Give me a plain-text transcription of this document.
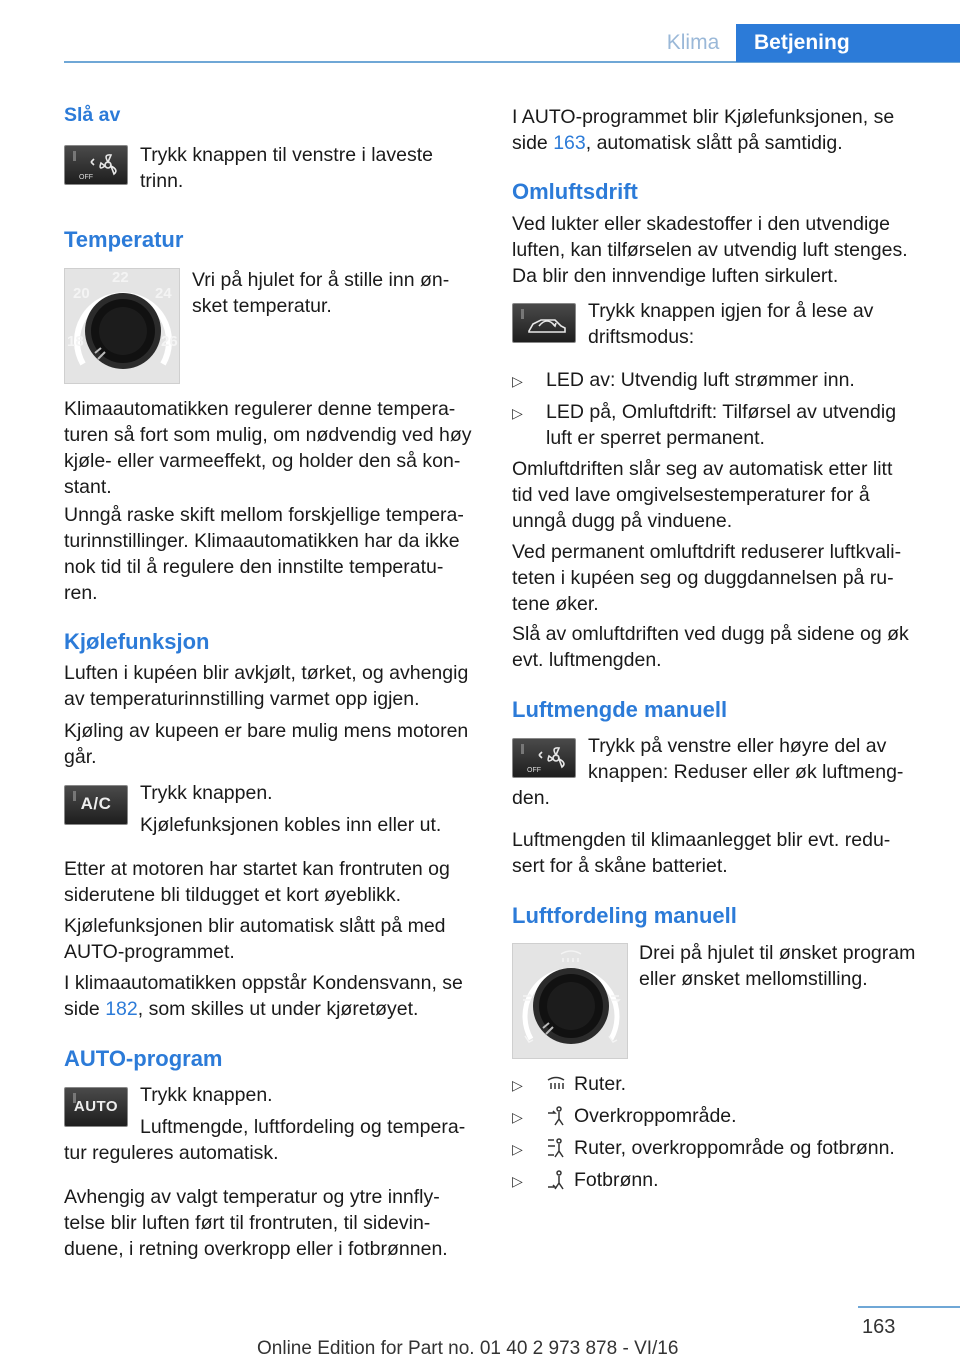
Klima	Betjening
Slå av
OFF

Trykk knappen til venstre i laveste

trinn.

Temperatur
22
20	24
18	26

Vri på hjulet for å stille inn øn-

sket temperatur.

Klimaautomatikken regulerer denne tempera-

turen så fort som mulig, om nødvendig ved høy

kjøle- eller varmeeffekt, og holder den så kon-

stant.

Unngå raske skift mellom forskjellige tempera-

turinnstillinger. Klimaautomatikken har da ikke

nok tid til å regulere den innstilte temperatu-

ren.

Kjølefunksjon

Luften i kupéen blir avkjølt, tørket, og avhengig

av temperaturinnstilling varmet opp igjen.

Kjøling av kupeen er bare mulig mens motoren

går.

A/C	Trykk knappen.

Kjølefunksjonen kobles inn eller ut.

Etter at motoren har startet kan frontruten og

siderutene bli tildugget et kort øyeblikk.

Kjølefunksjonen blir automatisk slått på med

AUTO-programmet.

I klimaautomatikken oppstår Kondensvann, se

side 182, som skilles ut under kjøretøyet.

AUTO-program
AUTO

Trykk knappen.

Luftmengde, luftfordeling og tempera-

tur reguleres automatisk.

Avhengig av valgt temperatur og ytre innfly-

telse blir luften ført til frontruten, til sidevin-

duene, i retning overkropp eller i fotbrønnen.

I AUTO-programmet blir Kjølefunksjonen, se

side 163, automatisk slått på samtidig.

Omluftsdrift

Ved lukter eller skadestoffer i den utvendige

luften, kan tilførselen av utvendig luft stenges.

Da blir den innvendige luften sirkulert.

Trykk knappen igjen for å lese av

driftsmodus:

▷ LED av: Utvendig luft strømmer inn.

▷ LED på, Omluftdrift: Tilførsel av utvendig

luft er sperret permanent.

Omluftdriften slår seg av automatisk etter litt

tid ved lave omgivelsestemperaturer for å

unngå dugg på vinduene.

Ved permanent omluftdrift reduserer luftkvali-

teten i kupéen seg og duggdannelsen på ru-

tene øker.

Slå av omluftdriften ved dugg på sidene og øk

evt. luftmengden.

Luftmengde manuell
OFF

Trykk på venstre eller høyre del av

knappen: Reduser eller øk luftmeng-

den.

Luftmengden til klimaanlegget blir evt. redu-

sert for å skåne batteriet.

Luftfordeling manuell

Drei på hjulet til ønsket program

eller ønsket mellomstilling.

▷	Ruter.

▷	Overkroppområde.

▷	Ruter, overkroppområde og fotbrønn.

▷	Fotbrønn.

163
Online Edition for Part no. 01 40 2 973 878 - VI/16
